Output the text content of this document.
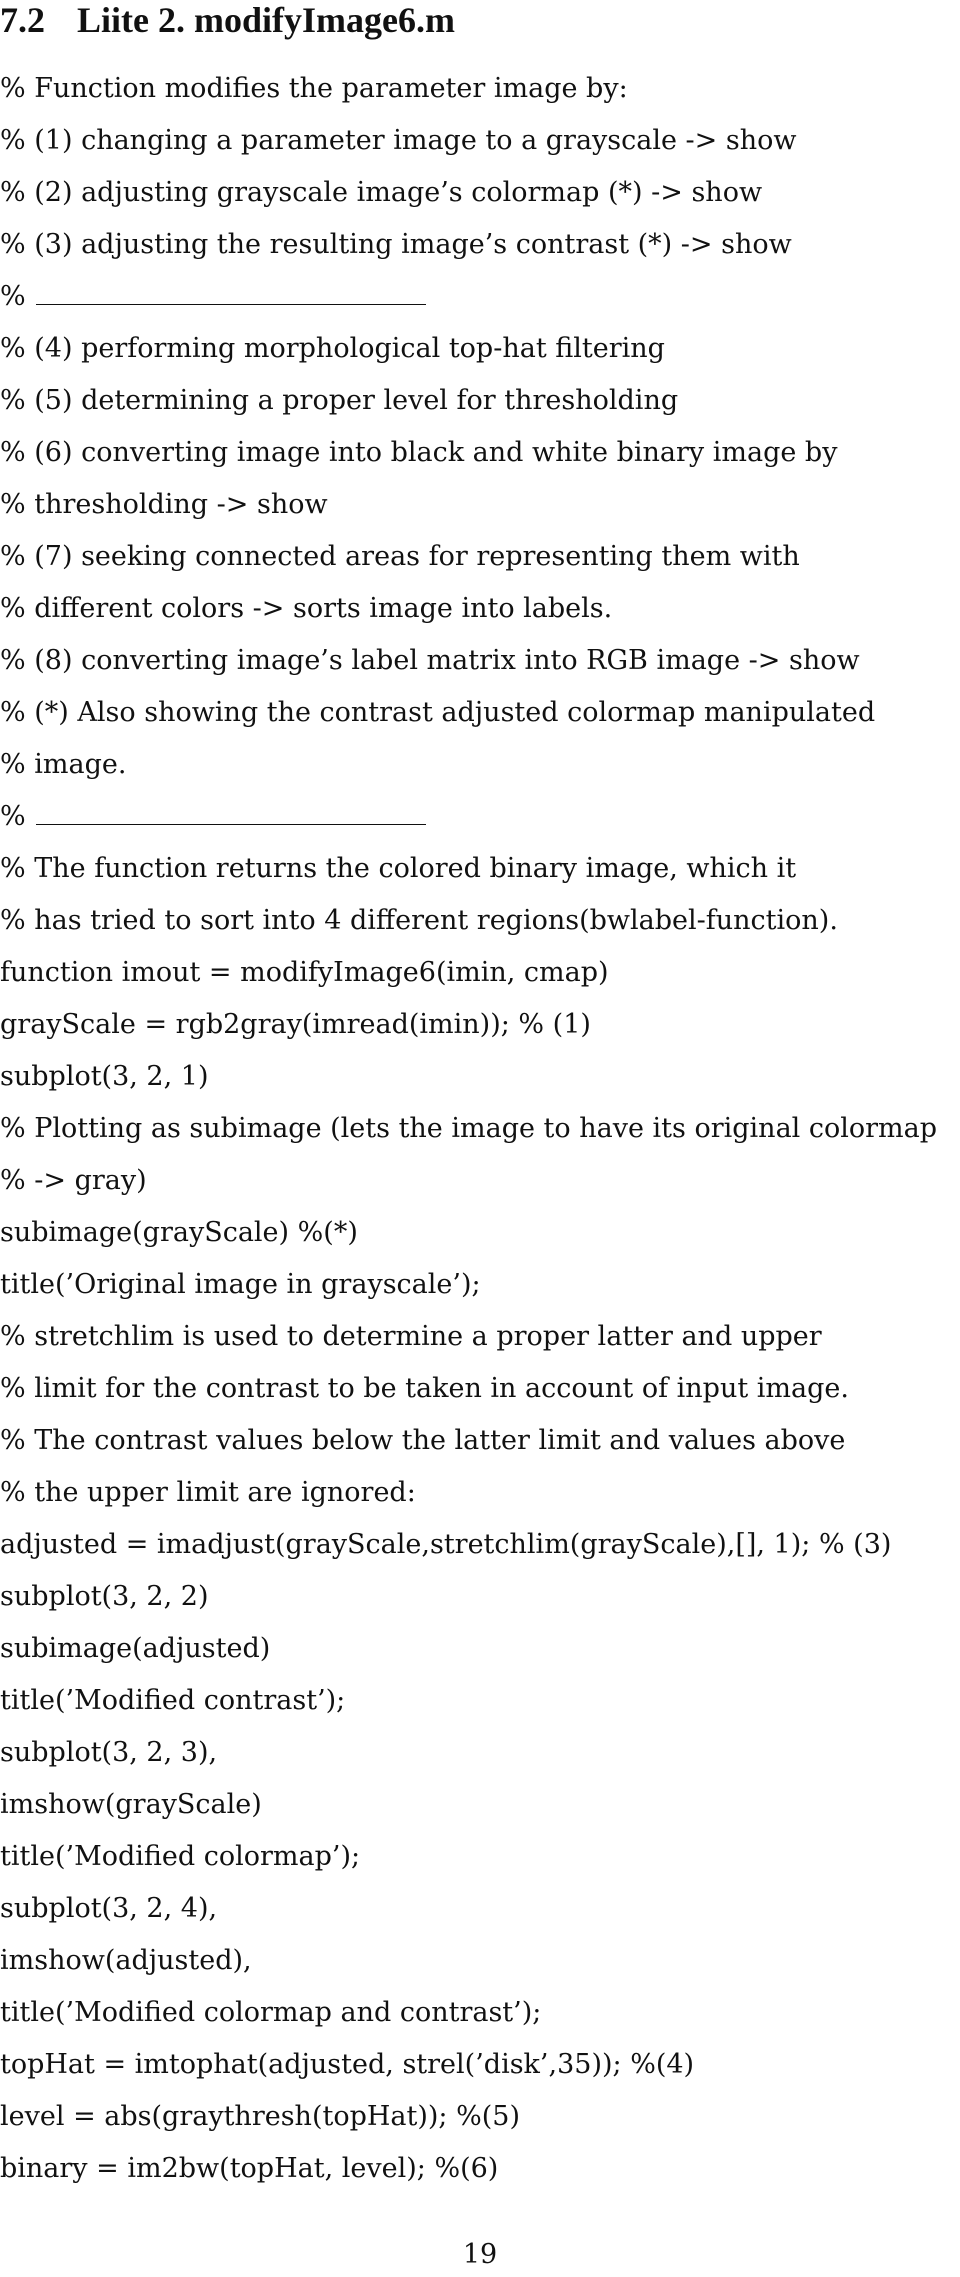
7.2 Liite 2. modifyImage6.m
% Function modifies the parameter image by:
% (1) changing a parameter image to a grayscale -> show
% (2) adjusting grayscale image’s colormap (*) -> show
% (3) adjusting the resulting image’s contrast (*) -> show
%
% (4) performing morphological top-hat filtering
% (5) determining a proper level for thresholding
% (6) converting image into black and white binary image by
% thresholding -> show
% (7) seeking connected areas for representing them with
% different colors -> sorts image into labels.
% (8) converting image’s label matrix into RGB image -> show
% (*) Also showing the contrast adjusted colormap manipulated
% image.
%
% The function returns the colored binary image, which it
% has tried to sort into 4 different regions(bwlabel-function).
function imout = modifyImage6(imin, cmap)
grayScale = rgb2gray(imread(imin)); % (1)
subplot(3, 2, 1)
% Plotting as subimage (lets the image to have its original colormap
% -> gray)
subimage(grayScale) %(*)
title(’Original image in grayscale’);
% stretchlim is used to determine a proper latter and upper
% limit for the contrast to be taken in account of input image.
% The contrast values below the latter limit and values above
% the upper limit are ignored:
adjusted = imadjust(grayScale,stretchlim(grayScale),[], 1); % (3)
subplot(3, 2, 2)
subimage(adjusted)
title(’Modified contrast’);
subplot(3, 2, 3),
imshow(grayScale)
title(’Modified colormap’);
subplot(3, 2, 4),
imshow(adjusted),
title(’Modified colormap and contrast’);
topHat = imtophat(adjusted, strel(’disk’,35)); %(4)
level = abs(graythresh(topHat)); %(5)
binary = im2bw(topHat, level); %(6)
19
